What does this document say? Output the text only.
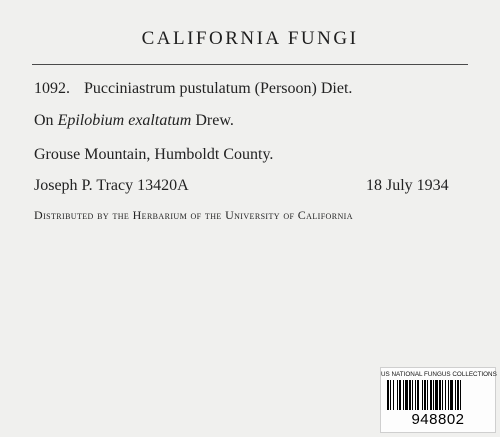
CALIFORNIA FUNGI
1092. Pucciniastrum pustulatum (Persoon) Diet.
On Epilobium exaltatum Drew.
Grouse Mountain, Humboldt County.
Joseph P. Tracy 13420A	18 July 1934
Distributed by the Herbarium of the University of California
US NATIONAL FUNGUS COLLECTIONS
948802
